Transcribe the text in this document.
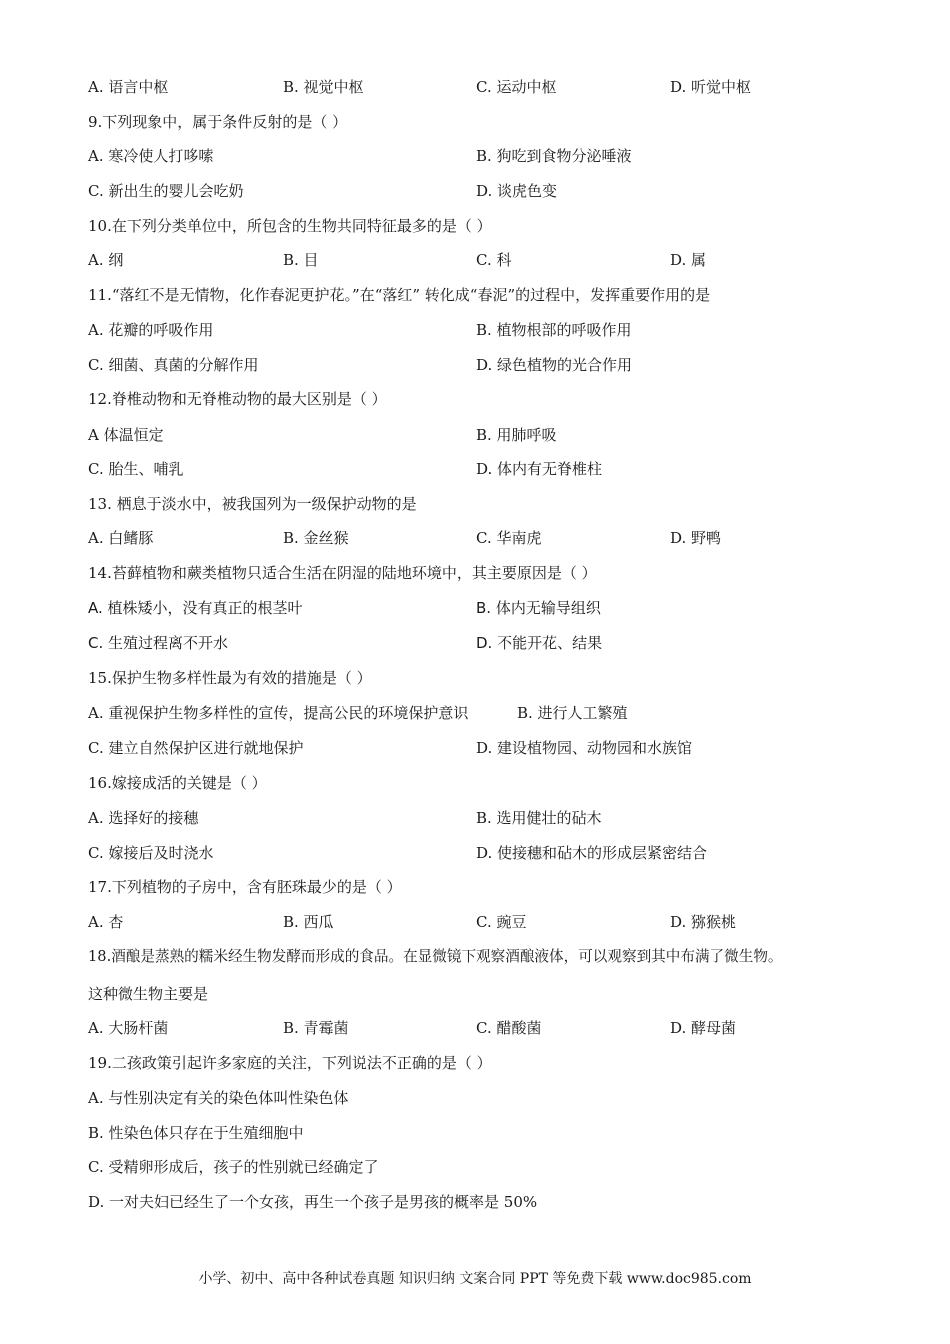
A. 语言中枢	B. 视觉中枢	C. 运动中枢	D. 听觉中枢
9.下列现象中，属于条件反射的是（ ）
A. 寒冷使人打哆嗦	B. 狗吃到食物分泌唾液
C. 新出生的婴儿会吃奶	D. 谈虎色变
10.在下列分类单位中，所包含的生物共同特征最多的是（ ）
A. 纲	B. 目	C. 科	D. 属
11.“落红不是无情物，化作春泥更护花。”在“落红” 转化成“春泥”的过程中，发挥重要作用的是
A. 花瓣的呼吸作用	B. 植物根部的呼吸作用
C. 细菌、真菌的分解作用	D. 绿色植物的光合作用
12.脊椎动物和无脊椎动物的最大区别是（ ）
A 体温恒定	B. 用肺呼吸
C. 胎生、哺乳	D. 体内有无脊椎柱
13. 栖息于淡水中，被我国列为一级保护动物的是
A. 白鳍豚	B. 金丝猴	C. 华南虎	D. 野鸭
14.苔藓植物和蕨类植物只适合生活在阴湿的陆地环境中，其主要原因是（ ）
A. 植株矮小，没有真正的根茎叶	B. 体内无输导组织
C. 生殖过程离不开水	D. 不能开花、结果
15.保护生物多样性最为有效的措施是（ ）
A. 重视保护生物多样性的宣传，提高公民的环境保护意识	B. 进行人工繁殖
C. 建立自然保护区进行就地保护	D. 建设植物园、动物园和水族馆
16.嫁接成活的关键是（ ）
A. 选择好的接穗	B. 选用健壮的砧木
C. 嫁接后及时浇水	D. 使接穗和砧木的形成层紧密结合
17.下列植物的子房中，含有胚珠最少的是（ ）
A. 杏	B. 西瓜	C. 豌豆	D. 猕猴桃
18.酒酿是蒸熟的糯米经生物发酵而形成的食品。在显微镜下观察酒酿液体，可以观察到其中布满了微生物。
这种微生物主要是
A. 大肠杆菌	B. 青霉菌	C. 醋酸菌	D. 酵母菌
19.二孩政策引起许多家庭的关注，下列说法不正确的是（ ）
A. 与性别决定有关的染色体叫性染色体
B. 性染色体只存在于生殖细胞中
C. 受精卵形成后，孩子的性别就已经确定了
D. 一对夫妇已经生了一个女孩，再生一个孩子是男孩的概率是 50%
小学、初中、高中各种试卷真题 知识归纳 文案合同 PPT 等免费下载 www.doc985.com
